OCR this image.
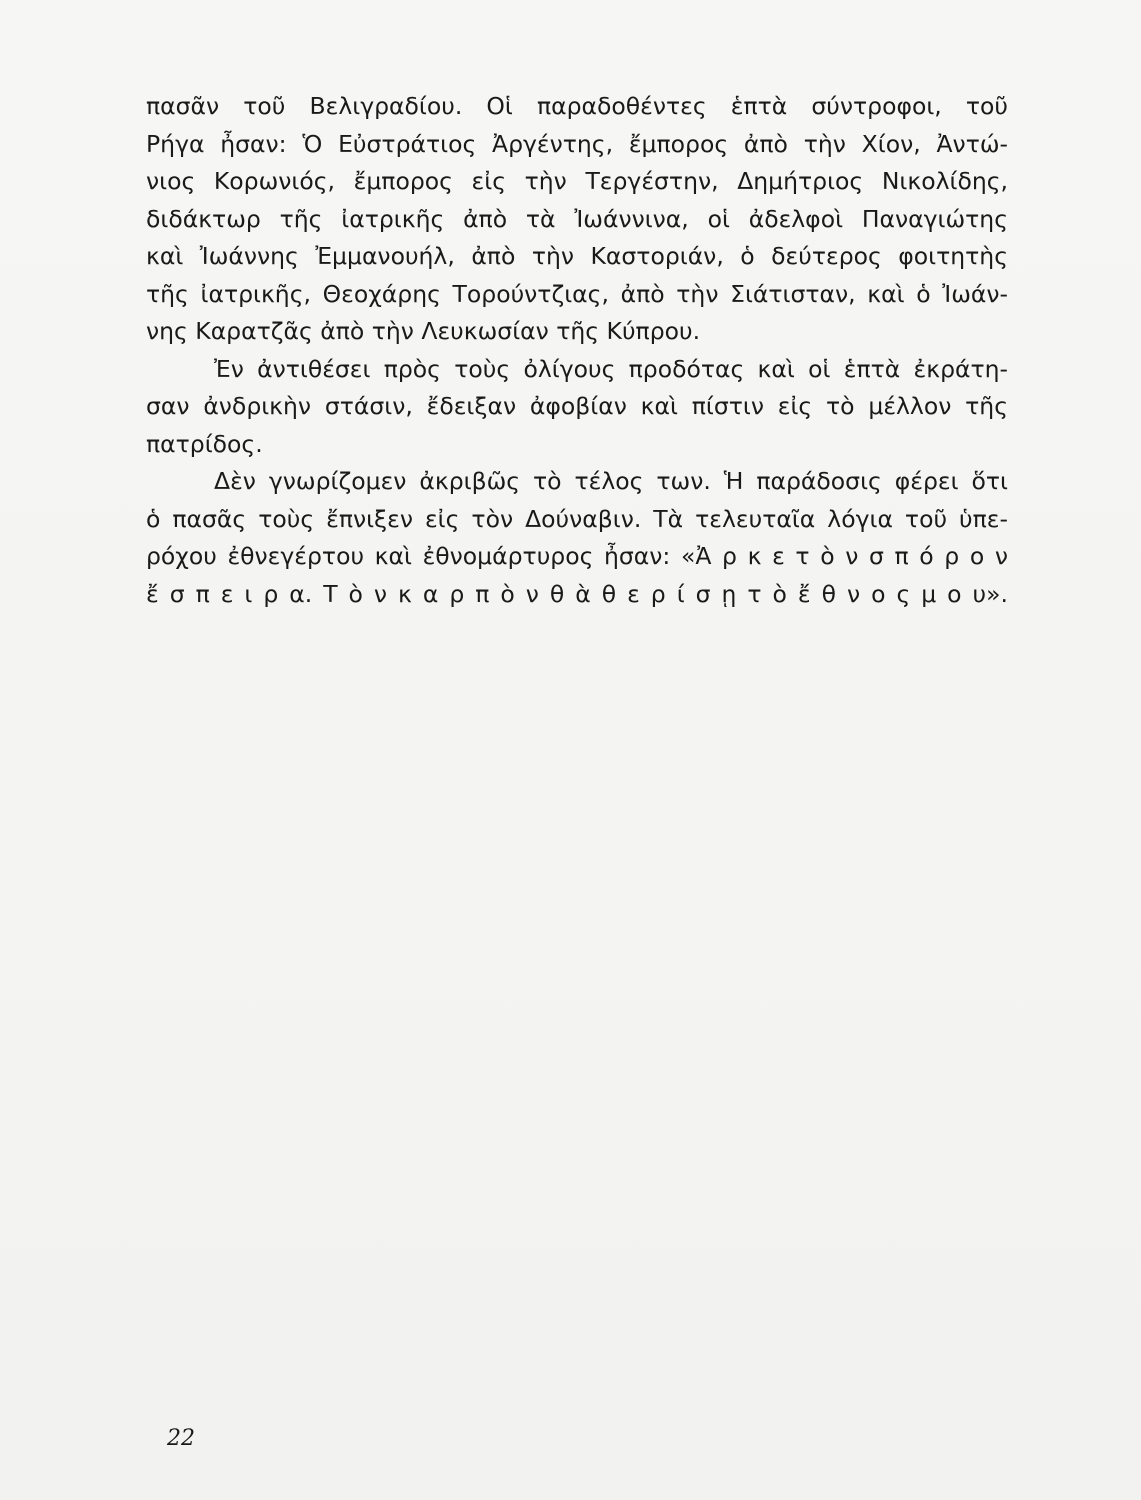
πασᾶν τοῦ Βελιγραδίου. Οἱ παραδοθέντες ἑπτὰ σύντροφοι, τοῦ
Ρήγα ἦσαν: Ὁ Εὐστράτιος Ἀργέντης, ἔμπορος ἀπὸ τὴν Χίον, Ἀντώ-
νιος Κορωνιός, ἔμπορος εἰς τὴν Τεργέστην, Δημήτριος Νικολίδης,
διδάκτωρ τῆς ἰατρικῆς ἀπὸ τὰ Ἰωάννινα, οἱ ἀδελφοὶ Παναγιώτης
καὶ Ἰωάννης Ἐμμανουήλ, ἀπὸ τὴν Καστοριάν, ὁ δεύτερος φοιτητὴς
τῆς ἰατρικῆς, Θεοχάρης Τορούντζιας, ἀπὸ τὴν Σιάτισταν, καὶ ὁ Ἰωάν-
νης Καρατζᾶς ἀπὸ τὴν Λευκωσίαν τῆς Κύπρου.
Ἐν ἀντιθέσει πρὸς τοὺς ὀλίγους προδότας καὶ οἱ ἑπτὰ ἐκράτη-
σαν ἀνδρικὴν στάσιν, ἔδειξαν ἀφοβίαν καὶ πίστιν εἰς τὸ μέλλον τῆς
πατρίδος.
Δὲν γνωρίζομεν ἀκριβῶς τὸ τέλος των. Ἡ παράδοσις φέρει ὅτι
ὁ πασᾶς τοὺς ἔπνιξεν εἰς τὸν Δούναβιν. Τὰ τελευταῖα λόγια τοῦ ὑπε-
ρόχου ἐθνεγέρτου καὶ ἐθνομάρτυρος ἦσαν: «Ἀ ρ κ ε τ ὸ ν σ π ό ρ ο ν
ἔ σ π ε ι ρ α. Τ ὸ ν κ α ρ π ὸ ν θ ὰ θ ε ρ ί σ ῃ τ ὸ ἔ θ ν ο ς μ ο υ».
22
